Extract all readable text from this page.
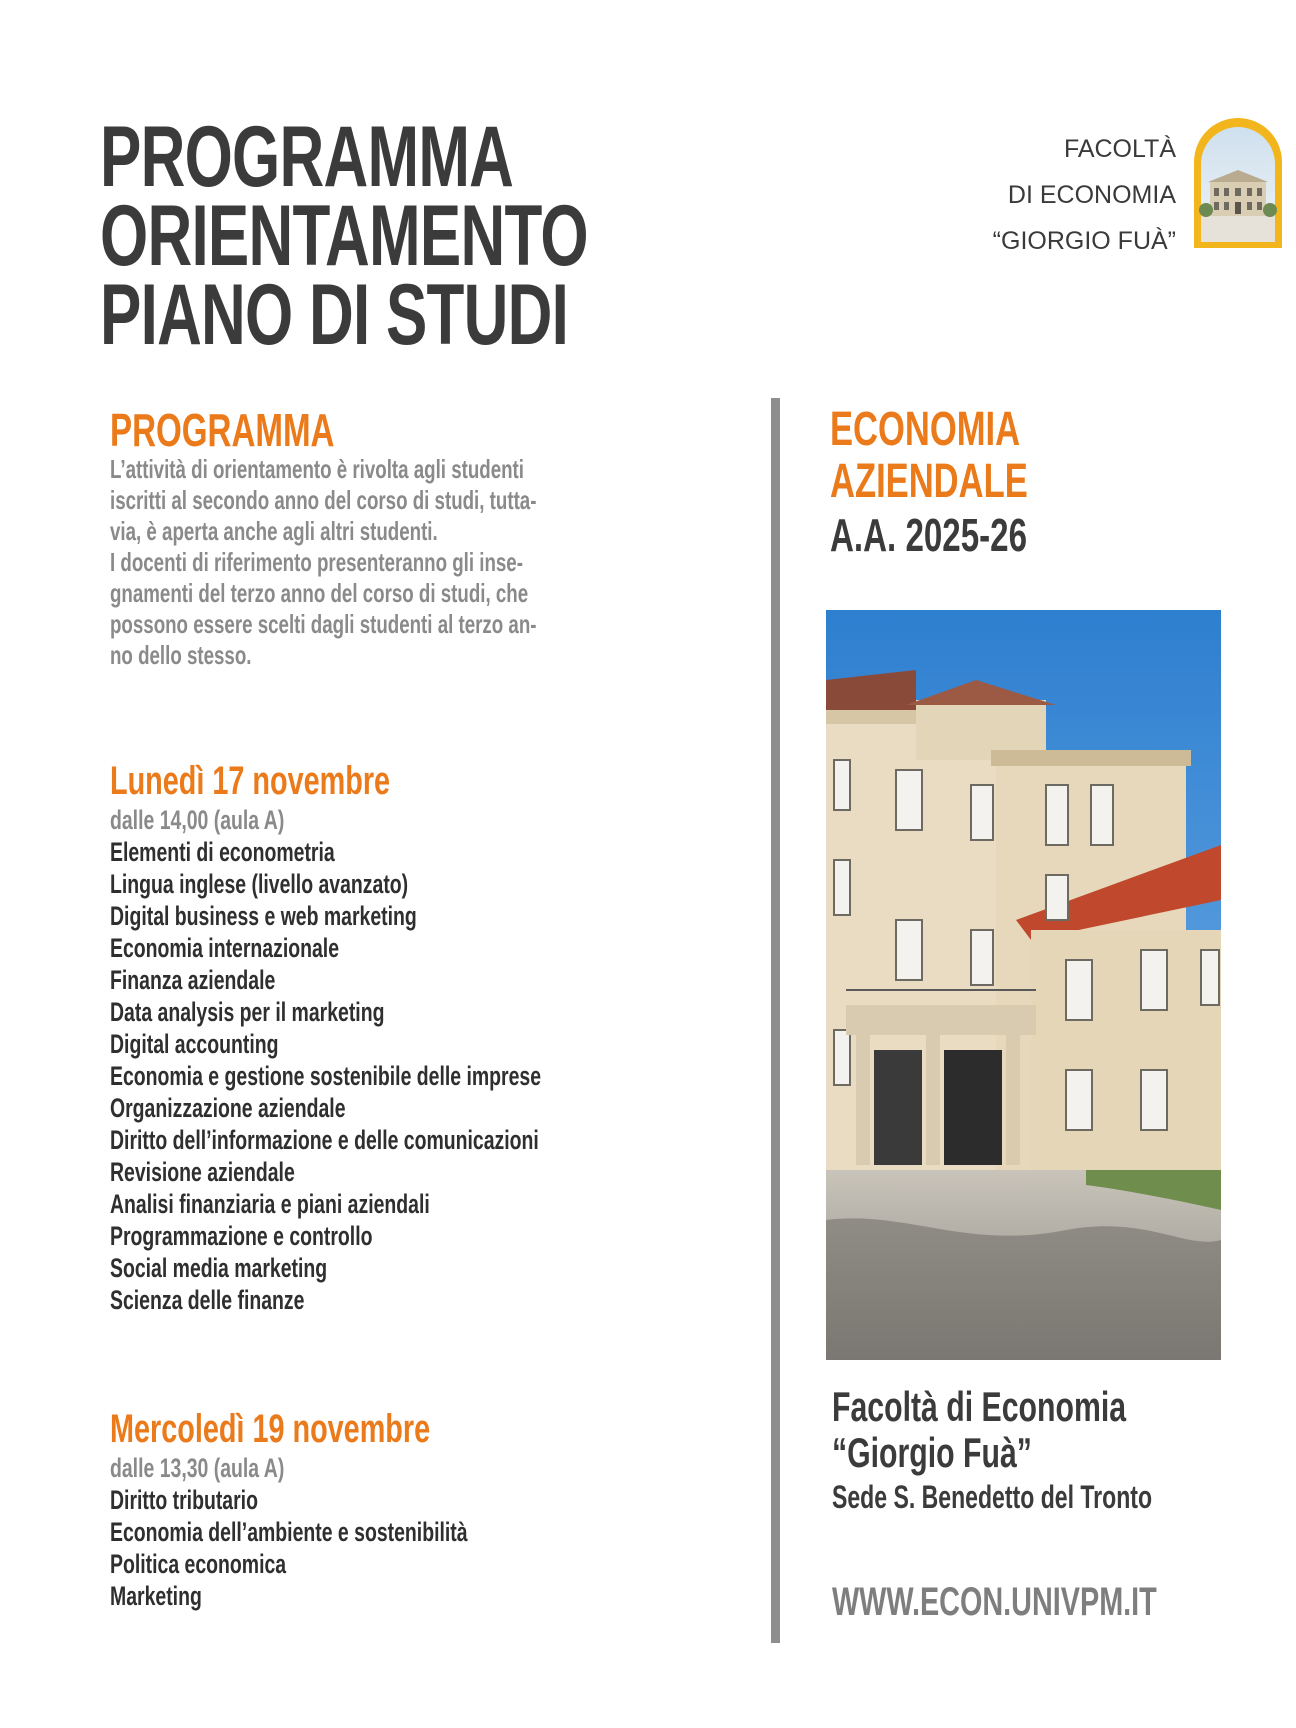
PROGRAMMA
ORIENTAMENTO
PIANO DI STUDI
FACOLTÀ
DI ECONOMIA
“GIORGIO FUÀ”
PROGRAMMA

L’attività di orientamento è rivolta agli studenti
iscritti al secondo anno del corso di studi, tutta-
via, è aperta anche agli altri studenti.
I docenti di riferimento presenteranno gli inse-
gnamenti del terzo anno del corso di studi, che
possono essere scelti dagli studenti al terzo an-
no dello stesso.

Lunedì 17 novembre
dalle 14,00 (aula A)
Elementi di econometria
Lingua inglese (livello avanzato)
Digital business e web marketing
Economia internazionale
Finanza aziendale
Data analysis per il marketing
Digital accounting
Economia e gestione sostenibile delle imprese
Organizzazione aziendale
Diritto dell’informazione e delle comunicazioni
Revisione aziendale
Analisi finanziaria e piani aziendali
Programmazione e controllo
Social media marketing
Scienza delle finanze
Mercoledì 19 novembre
dalle 13,30 (aula A)
Diritto tributario
Economia dell’ambiente e sostenibilità
Politica economica
Marketing
ECONOMIA
AZIENDALE
A.A. 2025-26
Facoltà di Economia
“Giorgio Fuà”
Sede S. Benedetto del Tronto
WWW.ECON.UNIVPM.IT
